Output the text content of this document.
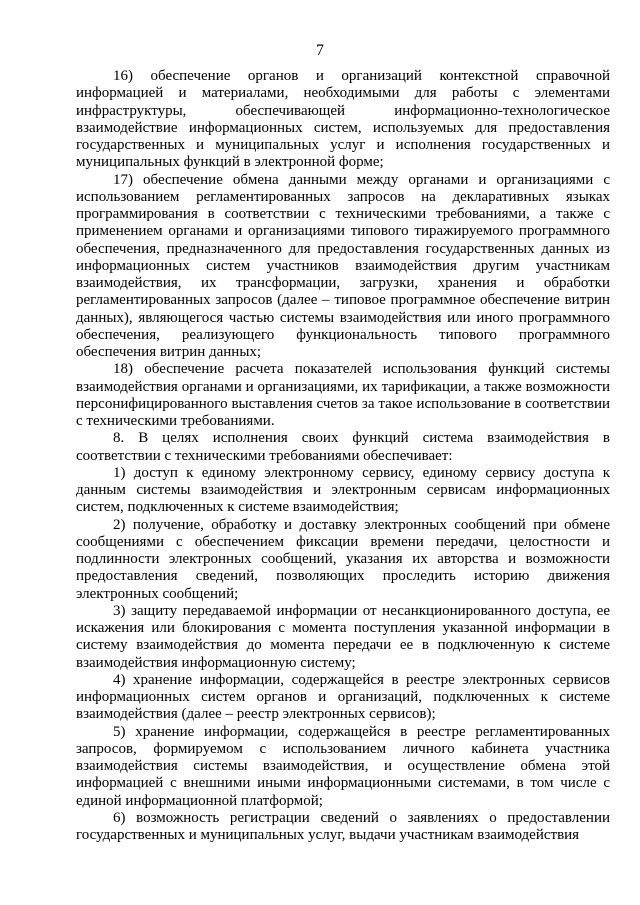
7

16) обеспечение органов и организаций контекстной справочной информацией и материалами, необходимыми для работы с элементами инфраструктуры, обеспечивающей информационно-технологическое взаимодействие информационных систем, используемых для предоставления государственных и муниципальных услуг и исполнения государственных и муниципальных функций в электронной форме;

17) обеспечение обмена данными между органами и организациями с использованием регламентированных запросов на декларативных языках программирования в соответствии с техническими требованиями, а также с применением органами и организациями типового тиражируемого программного обеспечения, предназначенного для предоставления государственных данных из информационных систем участников взаимодействия другим участникам взаимодействия, их трансформации, загрузки, хранения и обработки регламентированных запросов (далее – типовое программное обеспечение витрин данных), являющегося частью системы взаимодействия или иного программного обеспечения, реализующего функциональность типового программного обеспечения витрин данных;

18) обеспечение расчета показателей использования функций системы взаимодействия органами и организациями, их тарификации, а также возможности персонифицированного выставления счетов за такое использование в соответствии с техническими требованиями.

8. В целях исполнения своих функций система взаимодействия в соответствии с техническими требованиями обеспечивает:

1) доступ к единому электронному сервису, единому сервису доступа к данным системы взаимодействия и электронным сервисам информационных систем, подключенных к системе взаимодействия;

2) получение, обработку и доставку электронных сообщений при обмене сообщениями с обеспечением фиксации времени передачи, целостности и подлинности электронных сообщений, указания их авторства и возможности предоставления сведений, позволяющих проследить историю движения электронных сообщений;

3) защиту передаваемой информации от несанкционированного доступа, ее искажения или блокирования с момента поступления указанной информации в систему взаимодействия до момента передачи ее в подключенную к системе взаимодействия информационную систему;

4) хранение информации, содержащейся в реестре электронных сервисов информационных систем органов и организаций, подключенных к системе взаимодействия (далее – реестр электронных сервисов);

5) хранение информации, содержащейся в реестре регламентированных запросов, формируемом с использованием личного кабинета участника взаимодействия системы взаимодействия, и осуществление обмена этой информацией с внешними иными информационными системами, в том числе с единой информационной платформой;

6) возможность регистрации сведений о заявлениях о предоставлении государственных и муниципальных услуг, выдачи участникам взаимодействия
